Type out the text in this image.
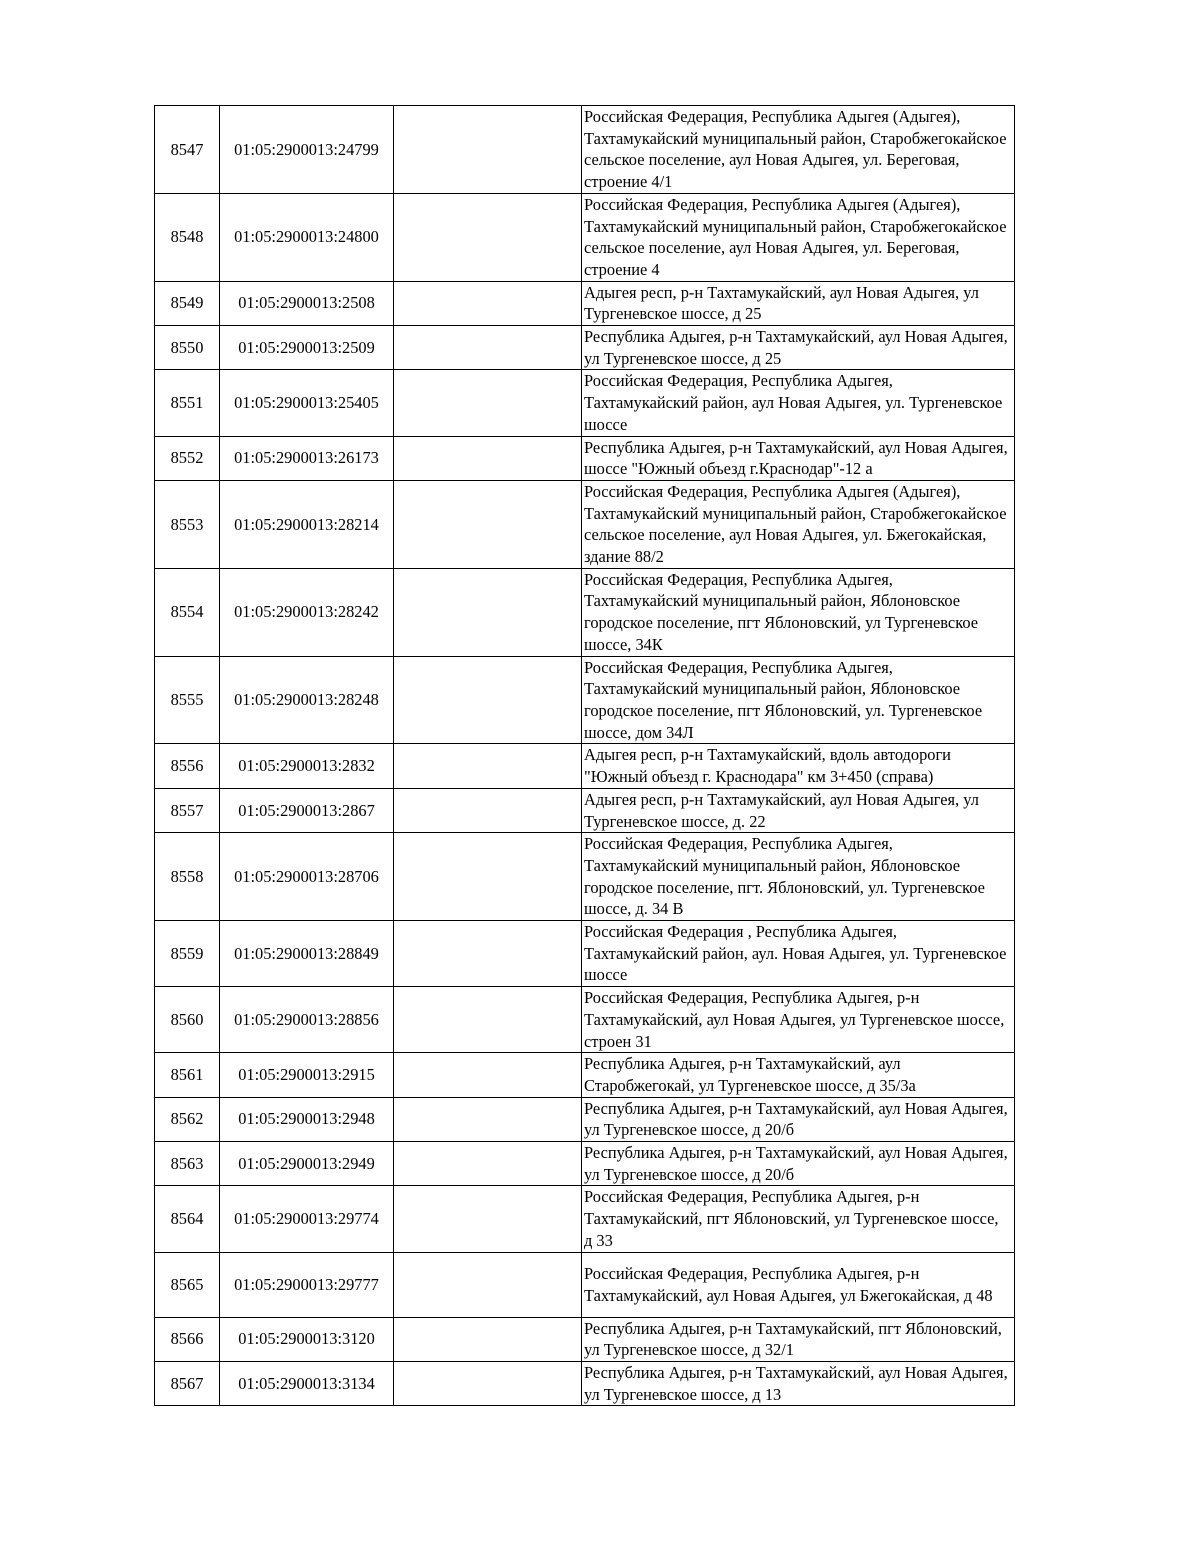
8547	01:05:2900013:24799		Российская Федерация, Республика Адыгея (Адыгея), Тахтамукайский муниципальный район, Старобжегокайское сельское поселение, аул Новая Адыгея, ул. Береговая, строение 4/1
8548	01:05:2900013:24800		Российская Федерация, Республика Адыгея (Адыгея), Тахтамукайский муниципальный район, Старобжегокайское сельское поселение, аул Новая Адыгея, ул. Береговая, строение 4
8549	01:05:2900013:2508		Адыгея респ, р-н Тахтамукайский, аул Новая Адыгея, ул Тургеневское шоссе, д 25
8550	01:05:2900013:2509		Республика Адыгея, р-н Тахтамукайский, аул Новая Адыгея, ул Тургеневское шоссе, д 25
8551	01:05:2900013:25405		Российская Федерация, Республика Адыгея, Тахтамукайский район, аул Новая Адыгея, ул. Тургеневское шоссе
8552	01:05:2900013:26173		Республика Адыгея, р-н Тахтамукайский, аул Новая Адыгея, шоссе "Южный объезд г.Краснодар"-12 а
8553	01:05:2900013:28214		Российская Федерация, Республика Адыгея (Адыгея), Тахтамукайский муниципальный район, Старобжегокайское сельское поселение, аул Новая Адыгея, ул. Бжегокайская, здание 88/2
8554	01:05:2900013:28242		Российская Федерация, Республика Адыгея, Тахтамукайский муниципальный район, Яблоновское городское поселение, пгт Яблоновский, ул Тургеневское шоссе, 34К
8555	01:05:2900013:28248		Российская Федерация, Республика Адыгея, Тахтамукайский муниципальный район, Яблоновское городское поселение, пгт Яблоновский, ул. Тургеневское шоссе, дом 34Л
8556	01:05:2900013:2832		Адыгея респ, р-н Тахтамукайский, вдоль автодороги "Южный объезд г. Краснодара" км 3+450 (справа)
8557	01:05:2900013:2867		Адыгея респ, р-н Тахтамукайский, аул Новая Адыгея, ул Тургеневское шоссе, д. 22
8558	01:05:2900013:28706		Российская Федерация, Республика Адыгея, Тахтамукайский муниципальный район, Яблоновское городское поселение, пгт. Яблоновский, ул. Тургеневское шоссе, д. 34 В
8559	01:05:2900013:28849		Российская Федерация , Республика Адыгея, Тахтамукайский район, аул. Новая Адыгея, ул. Тургеневское шоссе
8560	01:05:2900013:28856		Российская Федерация, Республика Адыгея, р-н Тахтамукайский, аул Новая Адыгея, ул Тургеневское шоссе, строен 31
8561	01:05:2900013:2915		Республика Адыгея, р-н Тахтамукайский, аул Старобжегокай, ул Тургеневское шоссе, д 35/3а
8562	01:05:2900013:2948		Республика Адыгея, р-н Тахтамукайский, аул Новая Адыгея, ул Тургеневское шоссе, д 20/б
8563	01:05:2900013:2949		Республика Адыгея, р-н Тахтамукайский, аул Новая Адыгея, ул Тургеневское шоссе, д 20/б
8564	01:05:2900013:29774		Российская Федерация, Республика Адыгея, р-н Тахтамукайский, пгт Яблоновский, ул Тургеневское шоссе, д 33
8565	01:05:2900013:29777		Российская Федерация, Республика Адыгея, р-н Тахтамукайский, аул Новая Адыгея, ул Бжегокайская, д 48
8566	01:05:2900013:3120		Республика Адыгея, р-н Тахтамукайский, пгт Яблоновский, ул Тургеневское шоссе, д 32/1
8567	01:05:2900013:3134		Республика Адыгея, р-н Тахтамукайский, аул Новая Адыгея, ул Тургеневское шоссе, д 13
